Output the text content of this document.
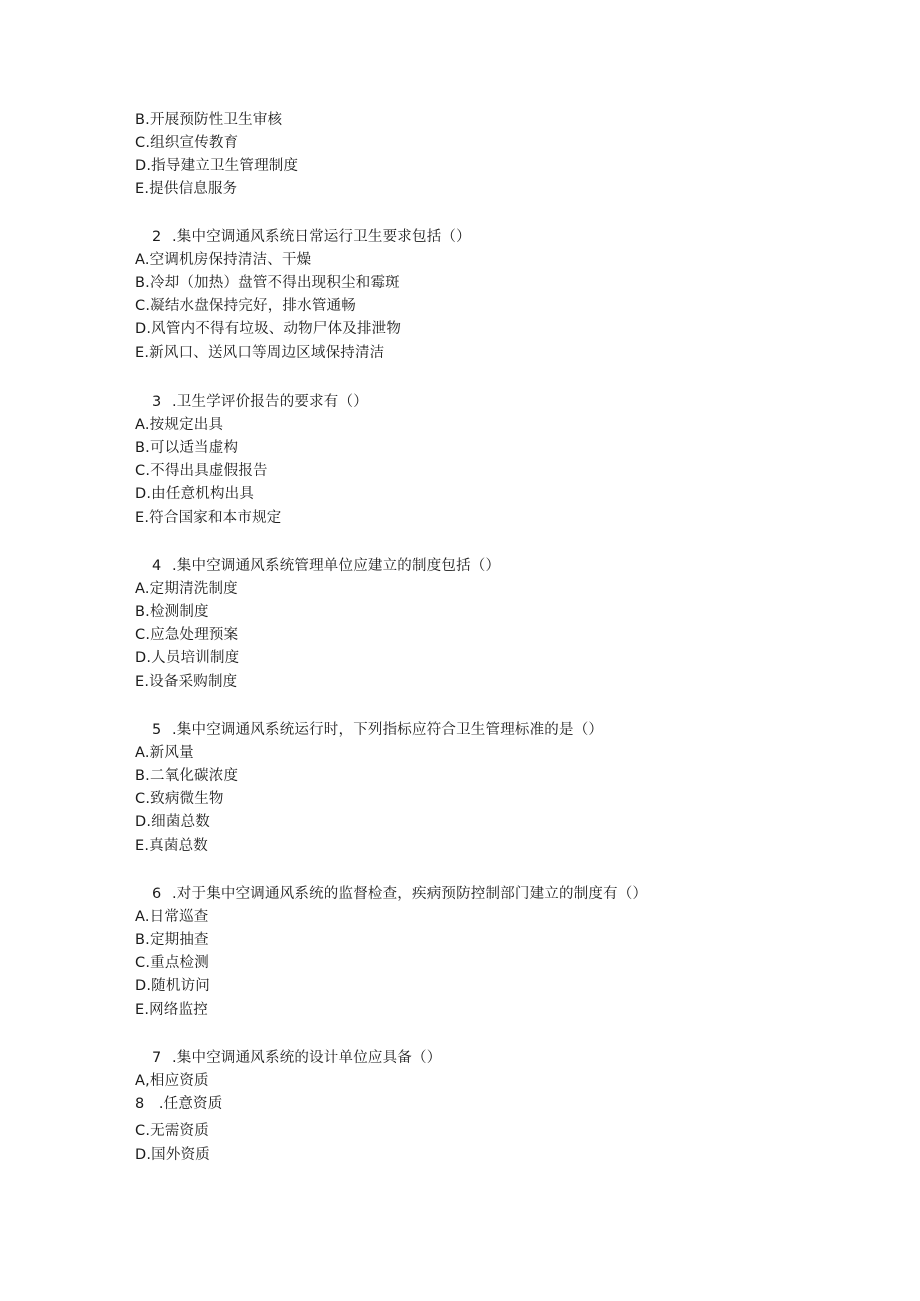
B.开展预防性卫生审核
C.组织宣传教育
D.指导建立卫生管理制度
E.提供信息服务
2 .集中空调通风系统日常运行卫生要求包括（）
A.空调机房保持清洁、干燥
B.冷却（加热）盘管不得出现积尘和霉斑
C.凝结水盘保持完好，排水管通畅
D.风管内不得有垃圾、动物尸体及排泄物
E.新风口、送风口等周边区域保持清洁
3 .卫生学评价报告的要求有（）
A.按规定出具
B.可以适当虚构
C.不得出具虚假报告
D.由任意机构出具
E.符合国家和本市规定
4 .集中空调通风系统管理单位应建立的制度包括（）
A.定期清洗制度
B.检测制度
C.应急处理预案
D.人员培训制度
E.设备采购制度
5 .集中空调通风系统运行时，下列指标应符合卫生管理标准的是（）
A.新风量
B.二氧化碳浓度
C.致病微生物
D.细菌总数
E.真菌总数
6 .对于集中空调通风系统的监督检查，疾病预防控制部门建立的制度有（）
A.日常巡查
B.定期抽查
C.重点检测
D.随机访问
E.网络监控
7 .集中空调通风系统的设计单位应具备（）
A,相应资质
8   .任意资质
C.无需资质
D.国外资质
